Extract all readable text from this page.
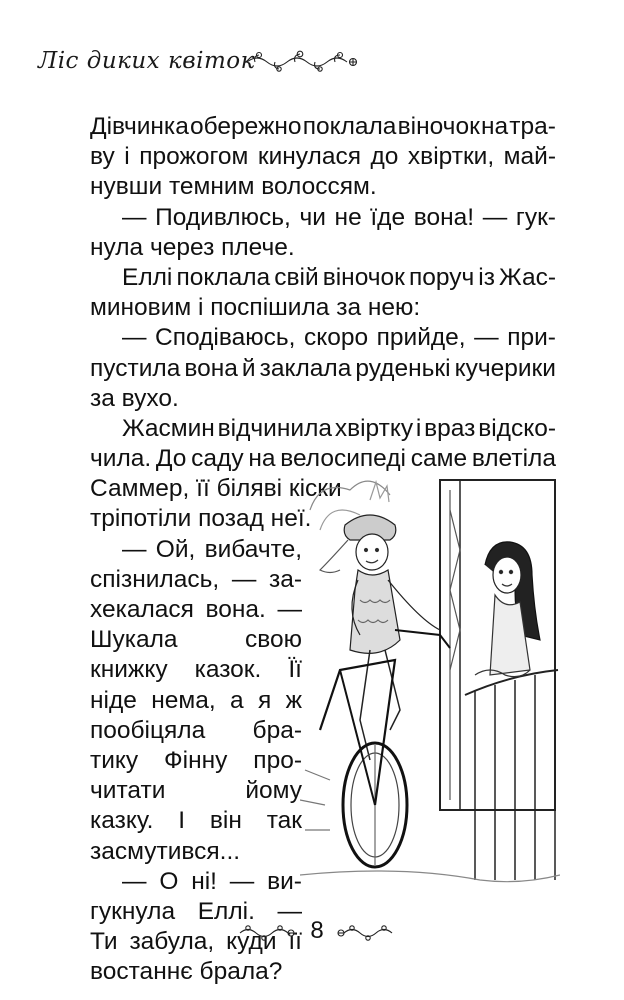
Ліс диких квіток
Дівчинка обережно поклала віночок на тра-
ву і прожогом кинулася до хвіртки, май-
нувши темним волоссям.
— Подивлюсь, чи не їде вона! — гук-
нула через плече.
Еллі поклала свій віночок поруч із Жас-
миновим і поспішила за нею:
— Сподіваюсь, скоро прийде, — при-
пустила вона й заклала руденькі кучерики
за вухо.
Жасмин відчинила хвіртку і враз відско-
чила. До саду на велосипеді саме влетіла
Саммер, її біляві кіски
тріпотіли позад неї.
— Ой, вибачте,
спізнилась, — за-
хекалася вона. —
Шукала	свою
книжку казок. Її
ніде нема, а я ж
пообіцяла бра-
тику Фінну про-
читати	йому
казку. І він так
засмутився...
— О ні! — ви-
гукнула Еллі. —
Ти забула, куди її
востаннє брала?
8
